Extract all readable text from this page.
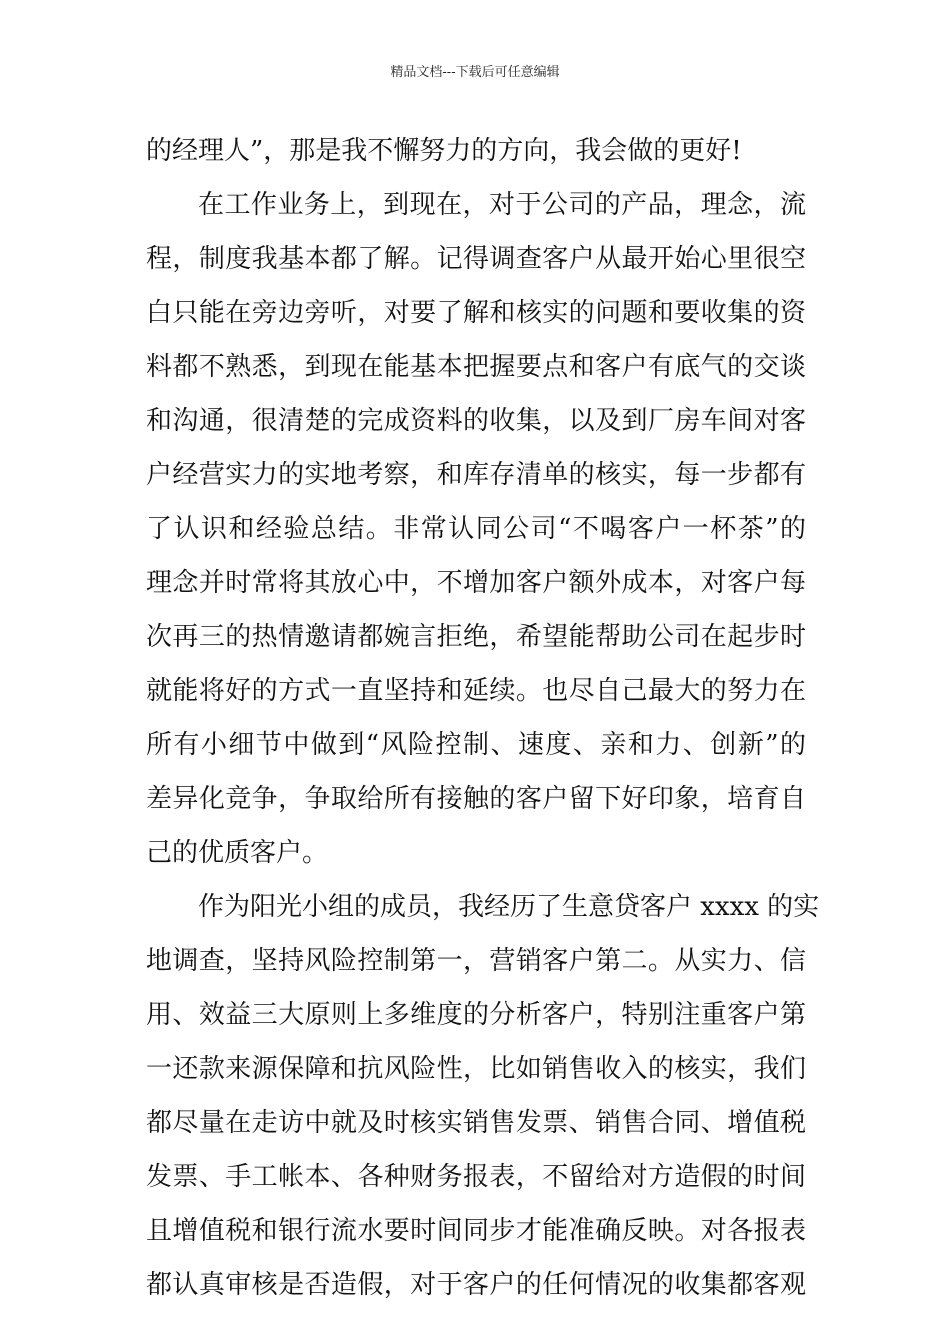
精品文档---下载后可任意编辑
的经理人”，那是我不懈努力的方向，我会做的更好!
在工作业务上，到现在，对于公司的产品，理念，流
程，制度我基本都了解。记得调查客户从最开始心里很空
白只能在旁边旁听，对要了解和核实的问题和要收集的资
料都不熟悉，到现在能基本把握要点和客户有底气的交谈
和沟通，很清楚的完成资料的收集，以及到厂房车间对客
户经营实力的实地考察，和库存清单的核实，每一步都有
了认识和经验总结。非常认同公司“不喝客户一杯茶”的
理念并时常将其放心中，不增加客户额外成本，对客户每
次再三的热情邀请都婉言拒绝，希望能帮助公司在起步时
就能将好的方式一直坚持和延续。也尽自己最大的努力在
所有小细节中做到“风险控制、速度、亲和力、创新”的
差异化竞争，争取给所有接触的客户留下好印象，培育自
己的优质客户。
作为阳光小组的成员，我经历了生意贷客户 xxxx 的实
地调查，坚持风险控制第一，营销客户第二。从实力、信
用、效益三大原则上多维度的分析客户，特别注重客户第
一还款来源保障和抗风险性，比如销售收入的核实，我们
都尽量在走访中就及时核实销售发票、销售合同、增值税
发票、手工帐本、各种财务报表，不留给对方造假的时间
且增值税和银行流水要时间同步才能准确反映。对各报表
都认真审核是否造假，对于客户的任何情况的收集都客观
